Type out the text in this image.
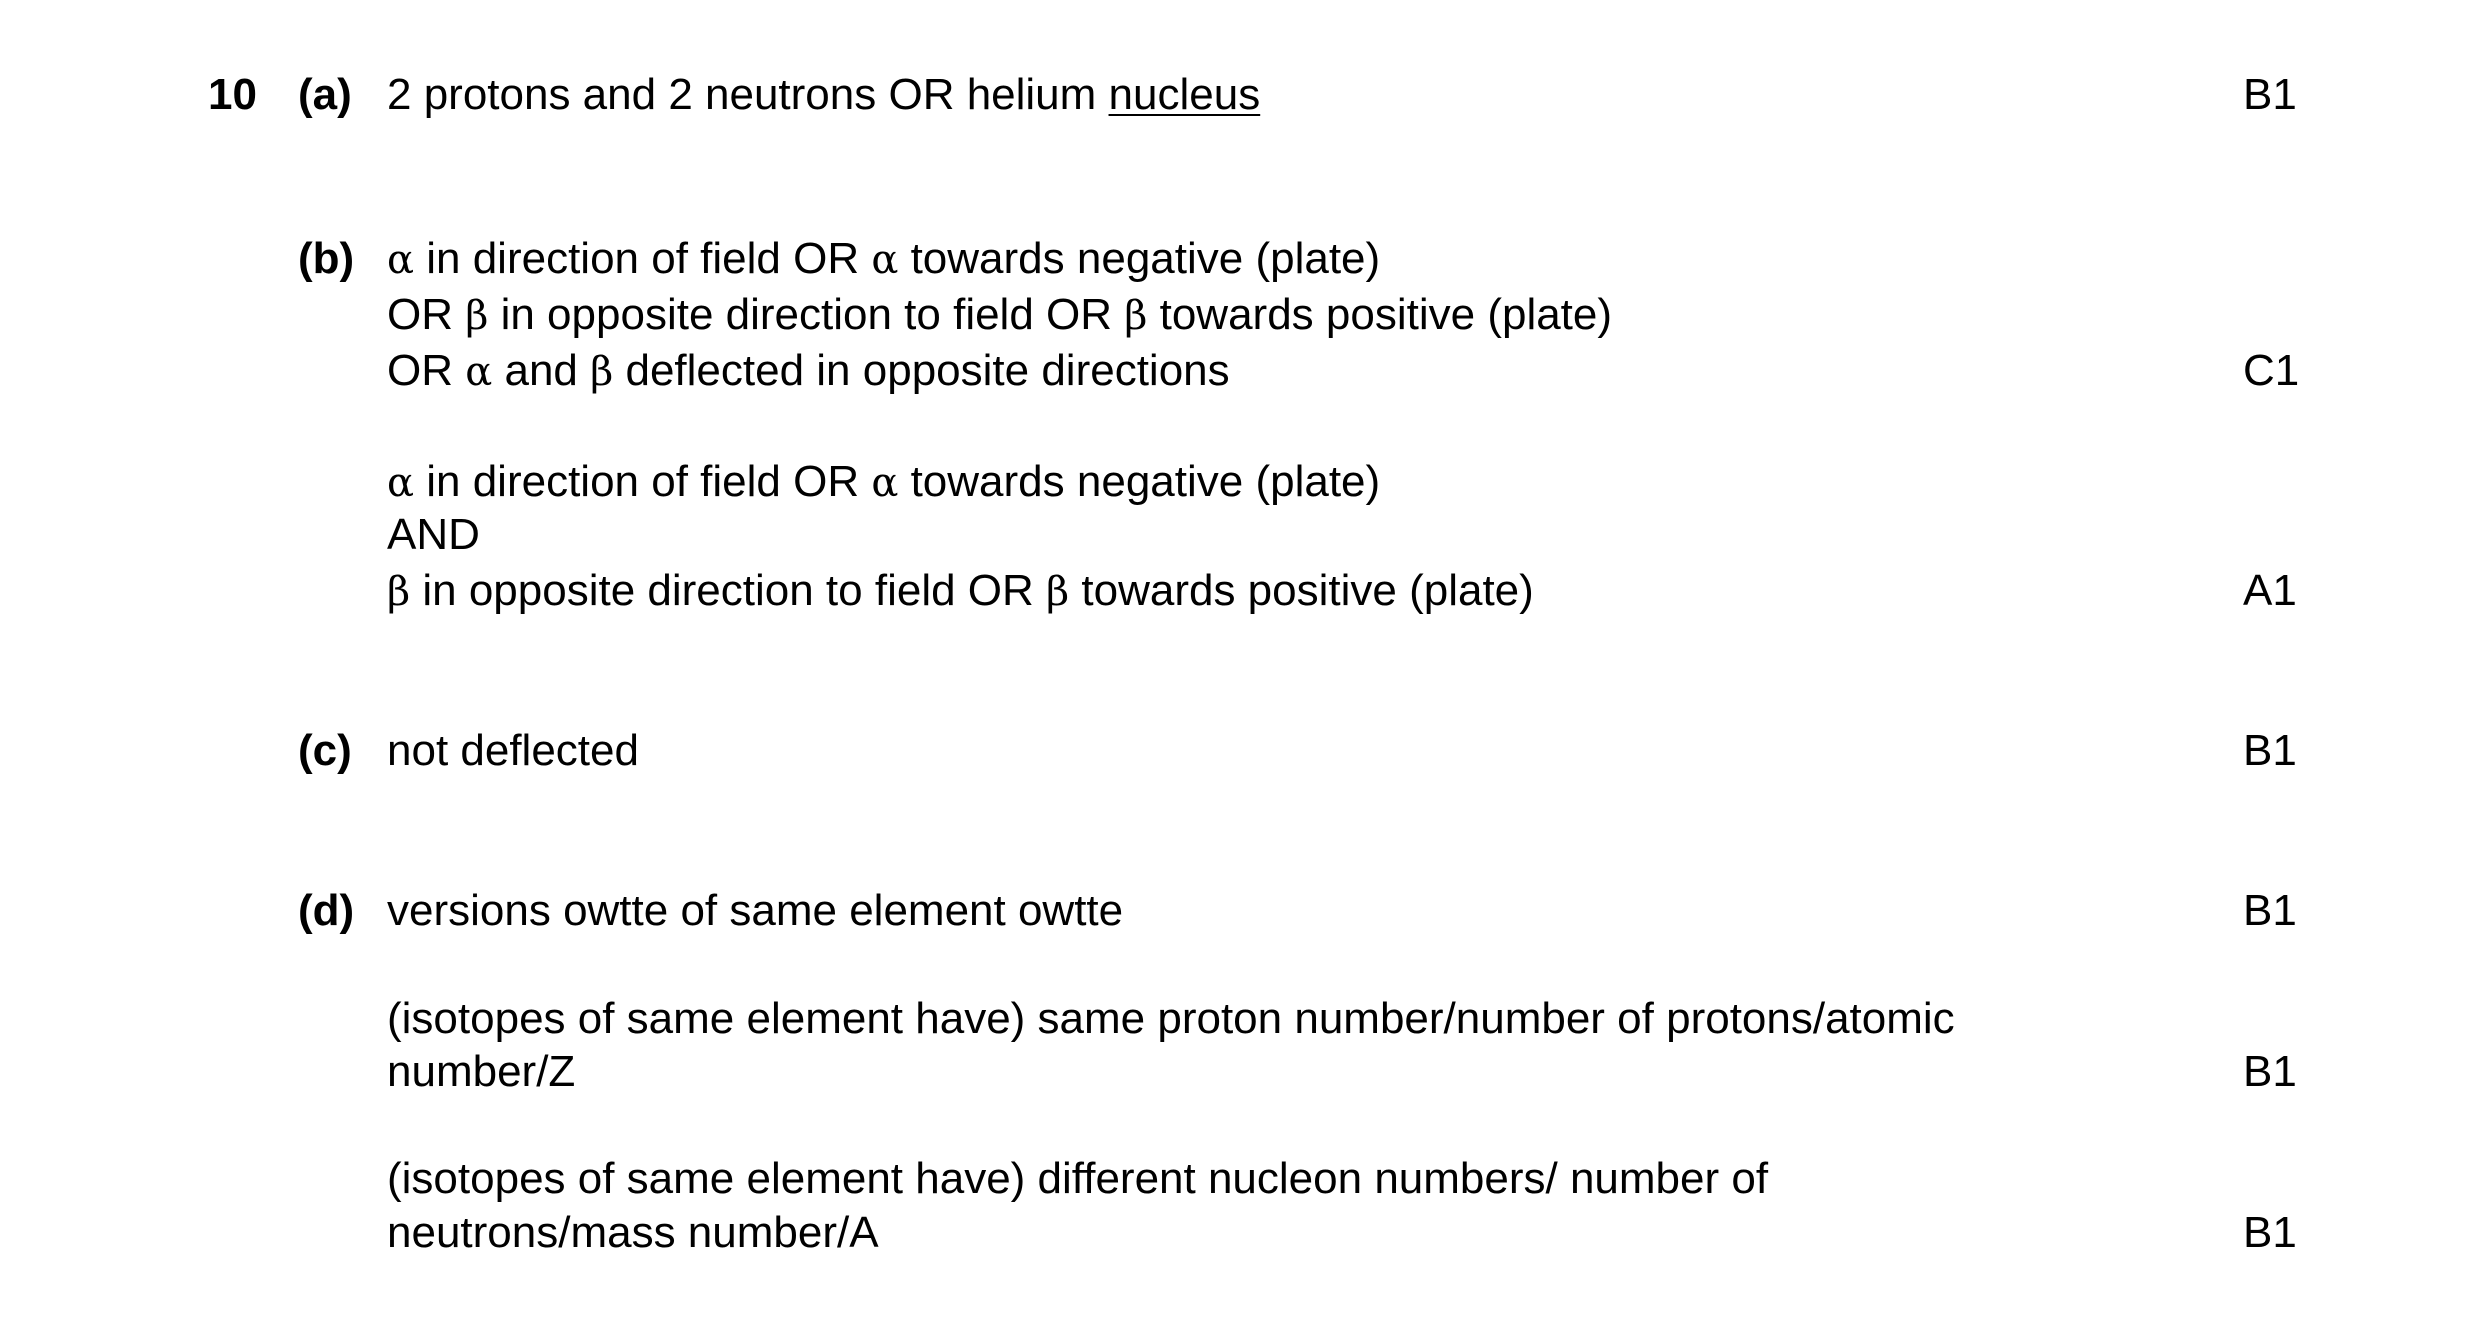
10 (a) 2 protons and 2 neutrons OR helium nucleus	B1
(b) α in direction of field OR α towards negative (plate)
OR β in opposite direction to field OR β towards positive (plate)
OR α and β deflected in opposite directions	C1
α in direction of field OR α towards negative (plate)
AND
β in opposite direction to field OR β towards positive (plate)	A1
(c) not deflected	B1
(d) versions owtte of same element owtte	B1
(isotopes of same element have) same proton number/number of protons/atomic
number/Z	B1
(isotopes of same element have) different nucleon numbers/ number of
neutrons/mass number/A	B1
